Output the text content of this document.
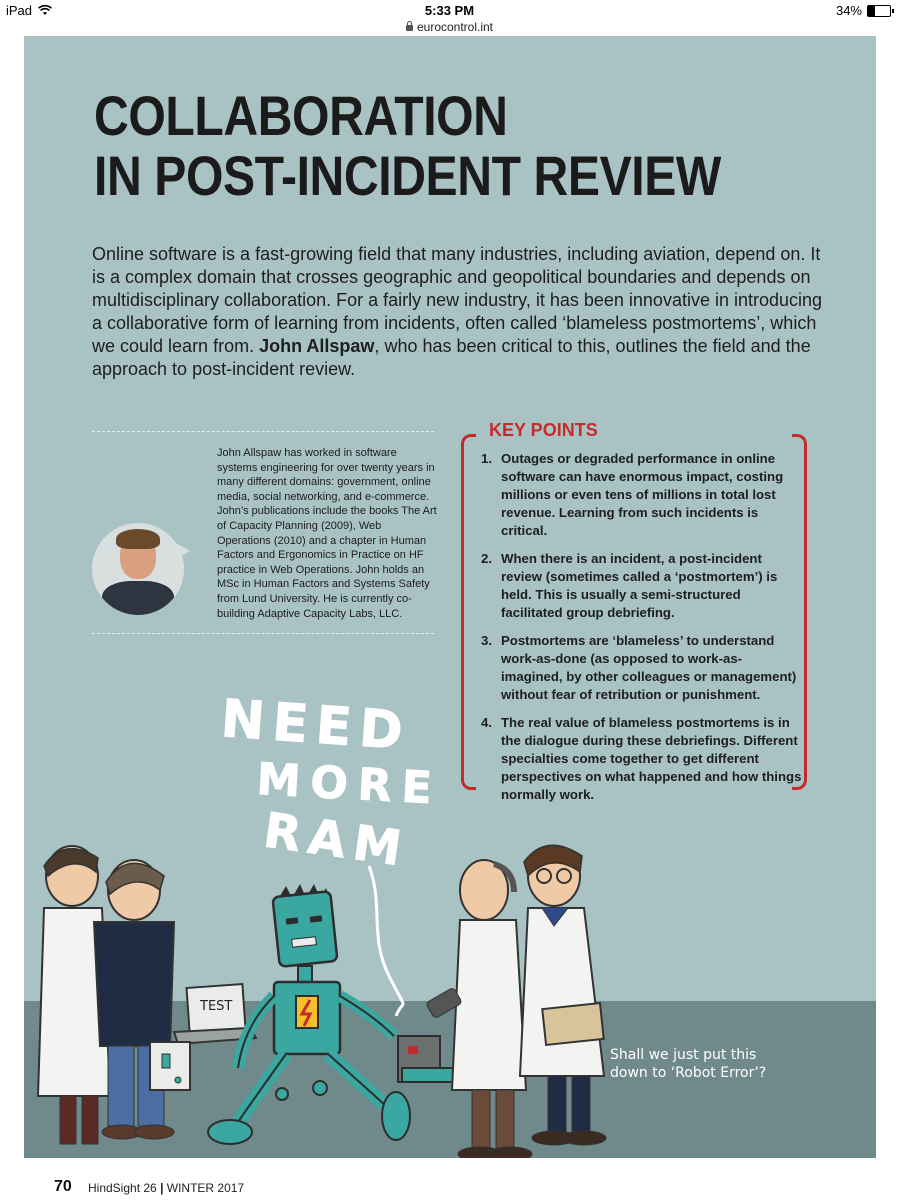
iPad	5:33 PM	34%
eurocontrol.int
COLLABORATION
IN POST-INCIDENT REVIEW
Online software is a fast-growing field that many industries, including aviation, depend on. It is a complex domain that crosses geographic and geopolitical boundaries and depends on multidisciplinary collaboration. For a fairly new industry, it has been innovative in introducing a collaborative form of learning from incidents, often called ‘blameless postmortems’, which we could learn from. John Allspaw, who has been critical to this, outlines the field and the approach to post-incident review.
John Allspaw has worked in software systems engineering for over twenty years in many different domains: government, online media, social networking, and e-commerce. John’s publications include the books The Art of Capacity Planning (2009), Web Operations (2010) and a chapter in Human Factors and Ergonomics in Practice on HF practice in Web Operations. John holds an MSc in Human Factors and Systems Safety from Lund University. He is currently co-building Adaptive Capacity Labs, LLC.
KEY POINTS
1. Outages or degraded performance in online software can have enormous impact, costing millions or even tens of millions in total lost revenue. Learning from such incidents is critical.
2. When there is an incident, a post-incident review (sometimes called a ‘postmortem’) is held. This is usually a semi-structured facilitated group debriefing.
3. Postmortems are ‘blameless’ to understand work-as-done (as opposed to work-as-imagined, by other colleagues or management) without fear of retribution or punishment.
4. The real value of blameless postmortems is in the dialogue during these debriefings. Different specialties come together to get different perspectives on what happened and how things normally work.
NEED
MORE
RAM
TEST
Shall we just put this down to ‘Robot Error’?
70 HindSight 26 | WINTER 2017
